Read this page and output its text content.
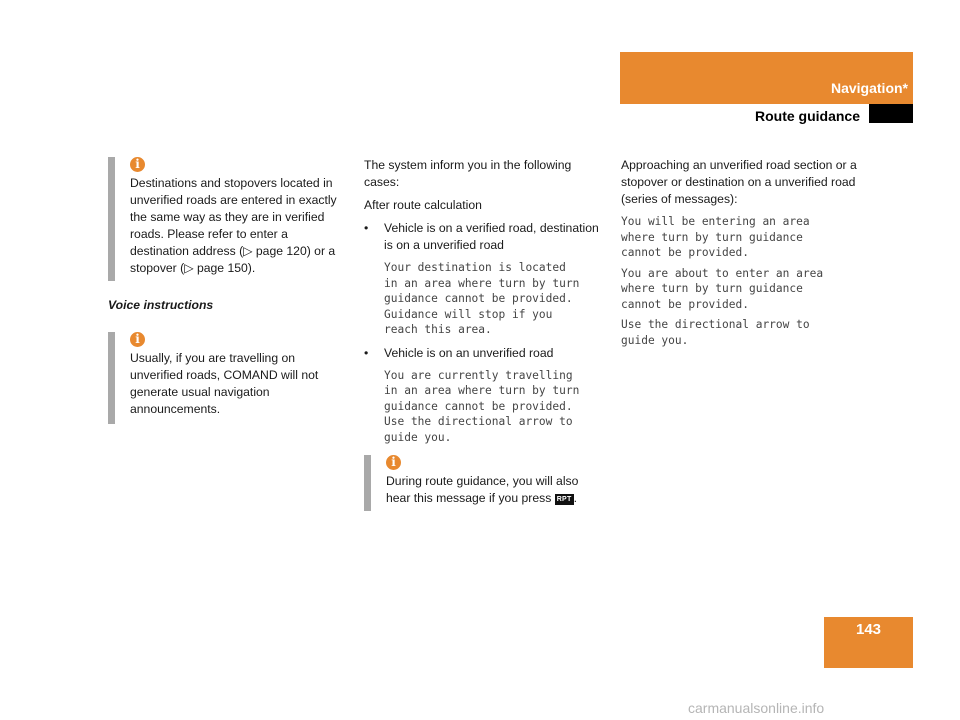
Navigation*
Route guidance
i

Destinations and stopovers located in unverified roads are entered in exactly the same way as they are in verified roads. Please refer to enter a destination address (▷ page 120) or a stopover (▷ page 150).

Voice instructions

i

Usually, if you are travelling on unverified roads, COMAND will not generate usual navigation announcements.

The system inform you in the following cases:

After route calculation

•	Vehicle is on a verified road, destination is on a unverified road

Your destination is located
in an area where turn by turn
guidance cannot be provided.
Guidance will stop if you
reach this area.
•	Vehicle is on an unverified road

You are currently travelling
in an area where turn by turn
guidance cannot be provided.
Use the directional arrow to
guide you.
i

During route guidance, you will also hear this message if you press RPT .

Approaching an unverified road section or a stopover or destination on a unverified road (series of messages):

You will be entering an area
where turn by turn guidance
cannot be provided.
You are about to enter an area
where turn by turn guidance
cannot be provided.
Use the directional arrow to
guide you.
143
carmanualsonline.info
